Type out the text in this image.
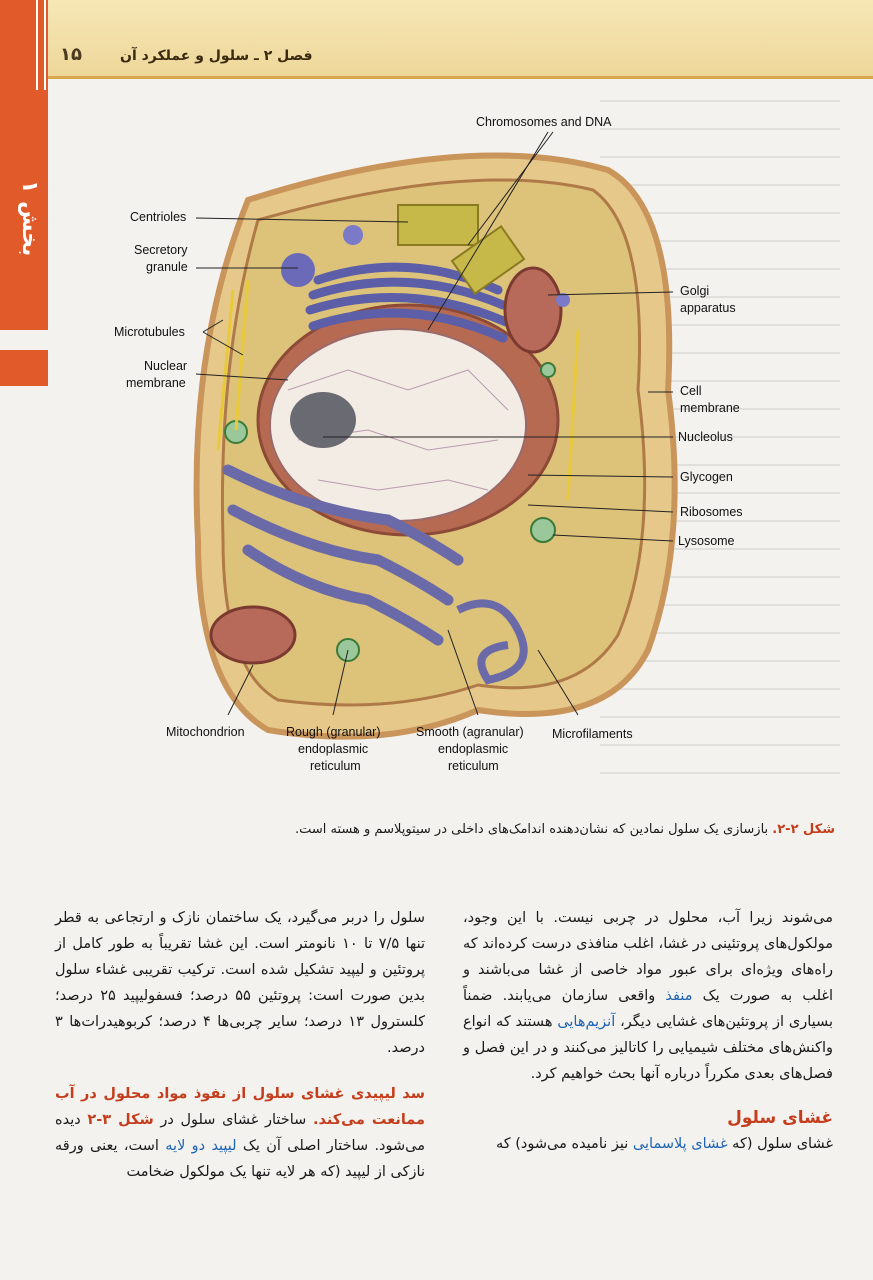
۱۵	فصل ۲ ـ سلول و عملکرد آن
بخش ۱
Chromosomes and DNA
Centrioles
Secretory
granule
Microtubules
Nuclear
membrane
Golgi
apparatus
Cell
membrane
Nucleolus
Glycogen
Ribosomes
Lysosome
Mitochondrion	Rough (granular)
endoplasmic
reticulum
Smooth (agranular)
endoplasmic
reticulum
Microfilaments
شکل ۲-۲. بازسازی یک سلول نمادین که نشان‌دهنده اندامک‌های داخلی در سیتوپلاسم و هسته است.
می‌شوند زیرا آب، محلول در چربی نیست. با این وجود، مولکول‌های پروتئینی در غشا، اغلب منافذی درست کرده‌اند که راه‌های ویژه‌ای برای عبور مواد خاصی از غشا می‌باشند و اغلب به صورت یک منفذ واقعی سازمان می‌یابند. ضمناً بسیاری از پروتئین‌های غشایی دیگر، آنزیم‌هایی هستند که انواع واکنش‌های مختلف شیمیایی را کاتالیز می‌کنند و در این فصل و فصل‌های بعدی مکرراً درباره آنها بحث خواهیم کرد.
غشای سلول
غشای سلول (که غشای پلاسمایی نیز نامیده می‌شود) که
سلول را دربر می‌گیرد، یک ساختمان نازک و ارتجاعی به قطر تنها ۷/۵ تا ۱۰ نانومتر است. این غشا تقریباً به طور کامل از پروتئین و لیپید تشکیل شده است. ترکیب تقریبی غشاء سلول بدین صورت است: پروتئین ۵۵ درصد؛ فسفولیپید ۲۵ درصد؛ کلسترول ۱۳ درصد؛ سایر چربی‌ها ۴ درصد؛ کربوهیدرات‌ها ۳ درصد.
سد لیپیدی غشای سلول از نفوذ مواد محلول در آب ممانعت می‌کند. ساختار غشای سلول در شکل ۳-۲ دیده می‌شود. ساختار اصلی آن یک لیپید دو لایه است، یعنی ورقه نازکی از لیپید (که هر لایه تنها یک مولکول ضخامت
